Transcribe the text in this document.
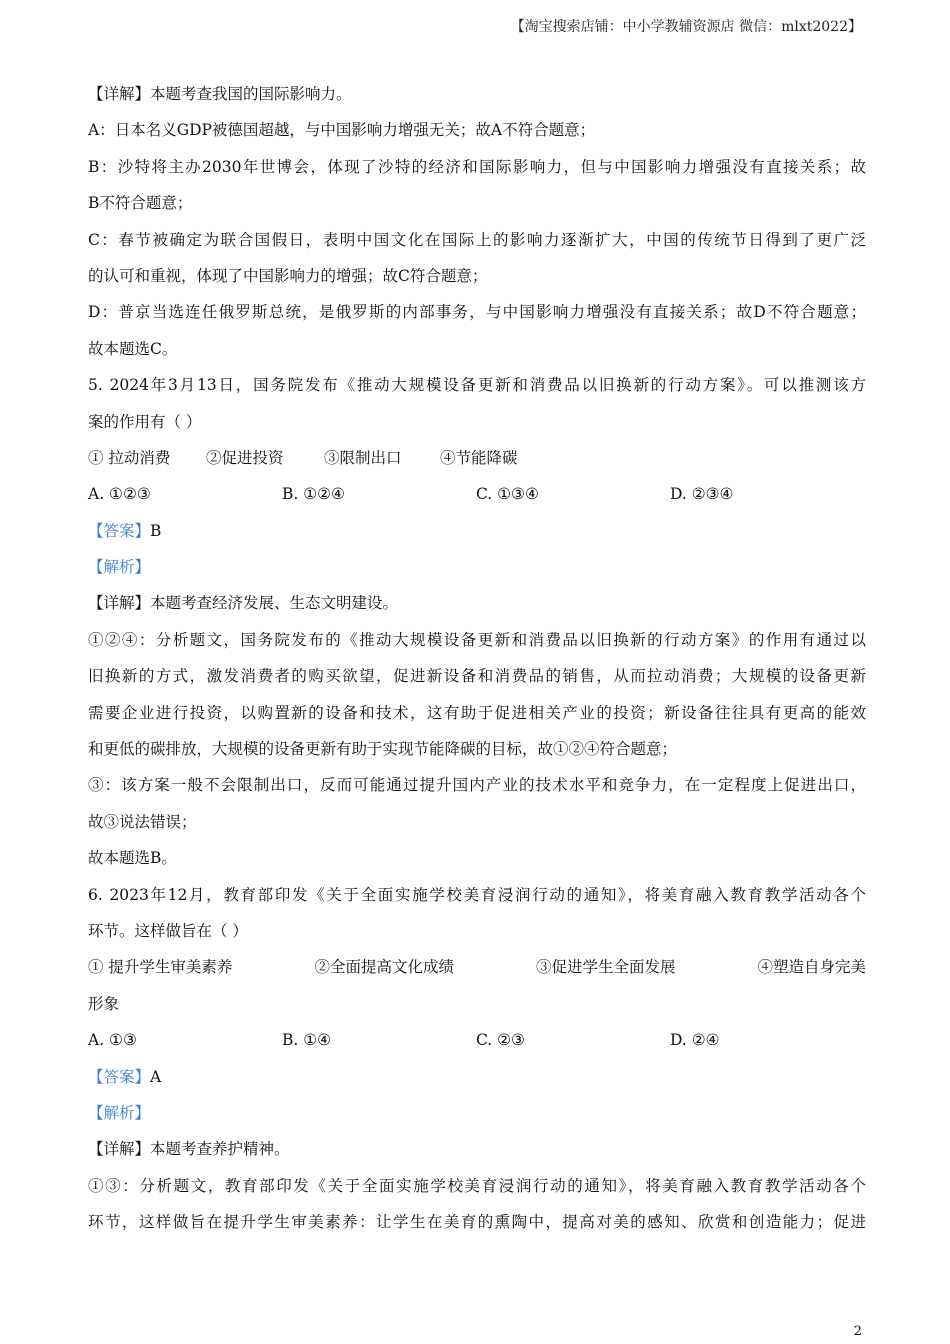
【淘宝搜索店铺：中小学教辅资源店 微信：mlxt2022】
【详解】本题考查我国的国际影响力。
A：日本名义GDP被德国超越，与中国影响力增强无关；故A不符合题意；
B：沙特将主办2030年世博会，体现了沙特的经济和国际影响力，但与中国影响力增强没有直接关系；故
B不符合题意；
C：春节被确定为联合国假日，表明中国文化在国际上的影响力逐渐扩大，中国的传统节日得到了更广泛
的认可和重视，体现了中国影响力的增强；故C符合题意；
D：普京当选连任俄罗斯总统，是俄罗斯的内部事务，与中国影响力增强没有直接关系；故D不符合题意；
故本题选C。
5. 2024年3月13日，国务院发布《推动大规模设备更新和消费品以旧换新的行动方案》。可以推测该方
案的作用有（ ）
① 拉动消费	②促进投资	③限制出口	④节能降碳
A. ①②③	B. ①②④	C. ①③④	D. ②③④
【答案】B
【解析】
【详解】本题考查经济发展、生态文明建设。
①②④：分析题文，国务院发布的《推动大规模设备更新和消费品以旧换新的行动方案》的作用有通过以
旧换新的方式，激发消费者的购买欲望，促进新设备和消费品的销售，从而拉动消费；大规模的设备更新
需要企业进行投资，以购置新的设备和技术，这有助于促进相关产业的投资；新设备往往具有更高的能效
和更低的碳排放，大规模的设备更新有助于实现节能降碳的目标，故①②④符合题意；
③：该方案一般不会限制出口，反而可能通过提升国内产业的技术水平和竞争力，在一定程度上促进出口，
故③说法错误；
故本题选B。
6. 2023年12月，教育部印发《关于全面实施学校美育浸润行动的通知》，将美育融入教育教学活动各个
环节。这样做旨在（ ）
① 提升学生审美素养	②全面提高文化成绩	③促进学生全面发展	④塑造自身完美
形象
A. ①③	B. ①④	C. ②③	D. ②④
【答案】A
【解析】
【详解】本题考查养护精神。
①③：分析题文，教育部印发《关于全面实施学校美育浸润行动的通知》，将美育融入教育教学活动各个
环节，这样做旨在提升学生审美素养：让学生在美育的熏陶中，提高对美的感知、欣赏和创造能力；促进
2
